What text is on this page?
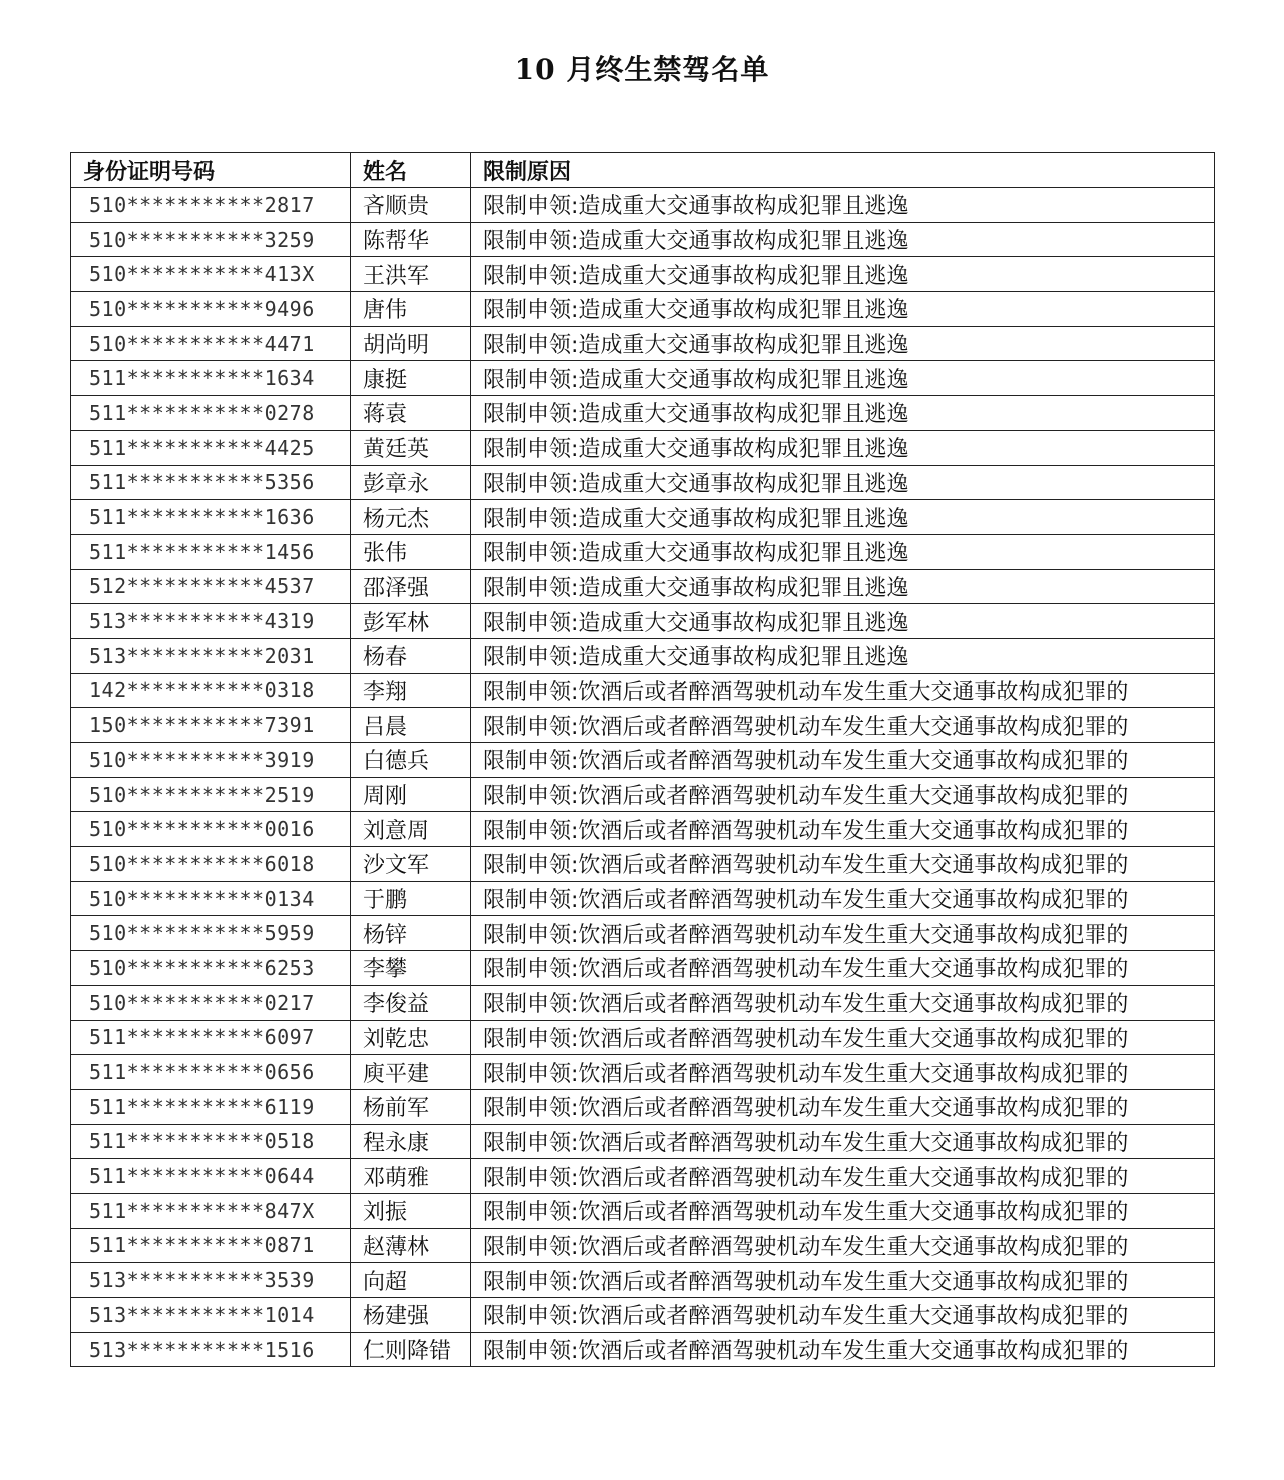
10 月终生禁驾名单
身份证明号码	姓名	限制原因
510***********2817	吝顺贵	限制申领:造成重大交通事故构成犯罪且逃逸
510***********3259	陈帮华	限制申领:造成重大交通事故构成犯罪且逃逸
510***********413X	王洪军	限制申领:造成重大交通事故构成犯罪且逃逸
510***********9496	唐伟	限制申领:造成重大交通事故构成犯罪且逃逸
510***********4471	胡尚明	限制申领:造成重大交通事故构成犯罪且逃逸
511***********1634	康挺	限制申领:造成重大交通事故构成犯罪且逃逸
511***********0278	蒋袁	限制申领:造成重大交通事故构成犯罪且逃逸
511***********4425	黄廷英	限制申领:造成重大交通事故构成犯罪且逃逸
511***********5356	彭章永	限制申领:造成重大交通事故构成犯罪且逃逸
511***********1636	杨元杰	限制申领:造成重大交通事故构成犯罪且逃逸
511***********1456	张伟	限制申领:造成重大交通事故构成犯罪且逃逸
512***********4537	邵泽强	限制申领:造成重大交通事故构成犯罪且逃逸
513***********4319	彭军林	限制申领:造成重大交通事故构成犯罪且逃逸
513***********2031	杨春	限制申领:造成重大交通事故构成犯罪且逃逸
142***********0318	李翔	限制申领:饮酒后或者醉酒驾驶机动车发生重大交通事故构成犯罪的
150***********7391	吕晨	限制申领:饮酒后或者醉酒驾驶机动车发生重大交通事故构成犯罪的
510***********3919	白德兵	限制申领:饮酒后或者醉酒驾驶机动车发生重大交通事故构成犯罪的
510***********2519	周刚	限制申领:饮酒后或者醉酒驾驶机动车发生重大交通事故构成犯罪的
510***********0016	刘意周	限制申领:饮酒后或者醉酒驾驶机动车发生重大交通事故构成犯罪的
510***********6018	沙文军	限制申领:饮酒后或者醉酒驾驶机动车发生重大交通事故构成犯罪的
510***********0134	于鹏	限制申领:饮酒后或者醉酒驾驶机动车发生重大交通事故构成犯罪的
510***********5959	杨锌	限制申领:饮酒后或者醉酒驾驶机动车发生重大交通事故构成犯罪的
510***********6253	李攀	限制申领:饮酒后或者醉酒驾驶机动车发生重大交通事故构成犯罪的
510***********0217	李俊益	限制申领:饮酒后或者醉酒驾驶机动车发生重大交通事故构成犯罪的
511***********6097	刘乾忠	限制申领:饮酒后或者醉酒驾驶机动车发生重大交通事故构成犯罪的
511***********0656	庾平建	限制申领:饮酒后或者醉酒驾驶机动车发生重大交通事故构成犯罪的
511***********6119	杨前军	限制申领:饮酒后或者醉酒驾驶机动车发生重大交通事故构成犯罪的
511***********0518	程永康	限制申领:饮酒后或者醉酒驾驶机动车发生重大交通事故构成犯罪的
511***********0644	邓萌雅	限制申领:饮酒后或者醉酒驾驶机动车发生重大交通事故构成犯罪的
511***********847X	刘振	限制申领:饮酒后或者醉酒驾驶机动车发生重大交通事故构成犯罪的
511***********0871	赵薄林	限制申领:饮酒后或者醉酒驾驶机动车发生重大交通事故构成犯罪的
513***********3539	向超	限制申领:饮酒后或者醉酒驾驶机动车发生重大交通事故构成犯罪的
513***********1014	杨建强	限制申领:饮酒后或者醉酒驾驶机动车发生重大交通事故构成犯罪的
513***********1516	仁则降错	限制申领:饮酒后或者醉酒驾驶机动车发生重大交通事故构成犯罪的
